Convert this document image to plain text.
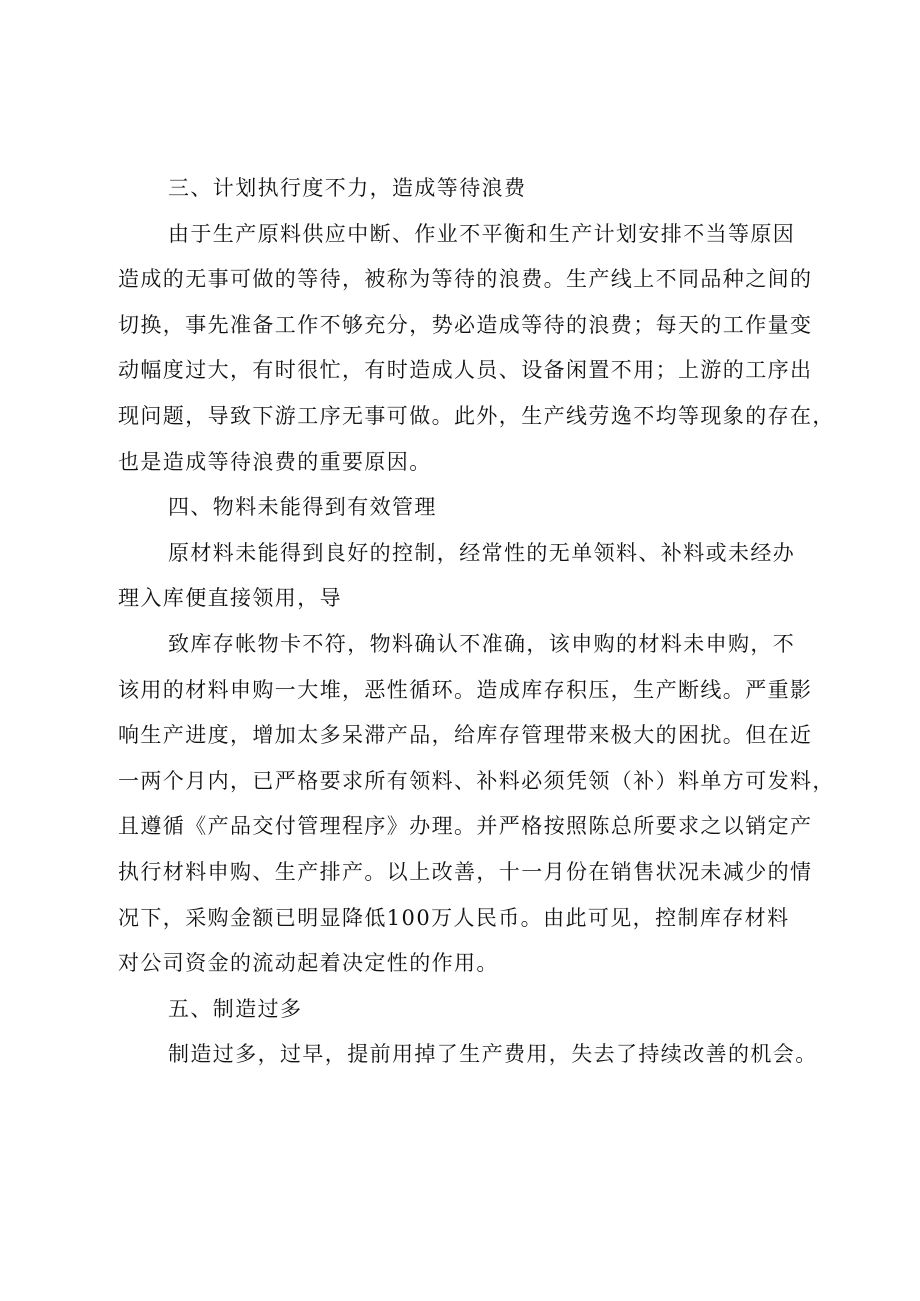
三、计划执行度不力，造成等待浪费
由于生产原料供应中断、作业不平衡和生产计划安排不当等原因
造成的无事可做的等待，被称为等待的浪费。生产线上不同品种之间的
切换，事先准备工作不够充分，势必造成等待的浪费；每天的工作量变
动幅度过大，有时很忙，有时造成人员、设备闲置不用；上游的工序出
现问题，导致下游工序无事可做。此外，生产线劳逸不均等现象的存在，
也是造成等待浪费的重要原因。
四、物料未能得到有效管理
原材料未能得到良好的控制，经常性的无单领料、补料或未经办
理入库便直接领用，导
致库存帐物卡不符，物料确认不准确，该申购的材料未申购，不
该用的材料申购一大堆，恶性循环。造成库存积压，生产断线。严重影
响生产进度，增加太多呆滞产品，给库存管理带来极大的困扰。但在近
一两个月内，已严格要求所有领料、补料必须凭领（补）料单方可发料，
且遵循《产品交付管理程序》办理。并严格按照陈总所要求之以销定产
执行材料申购、生产排产。以上改善，十一月份在销售状况未减少的情
况下，采购金额已明显降低100万人民币。由此可见，控制库存材料
对公司资金的流动起着决定性的作用。
五、制造过多
制造过多，过早，提前用掉了生产费用，失去了持续改善的机会。
